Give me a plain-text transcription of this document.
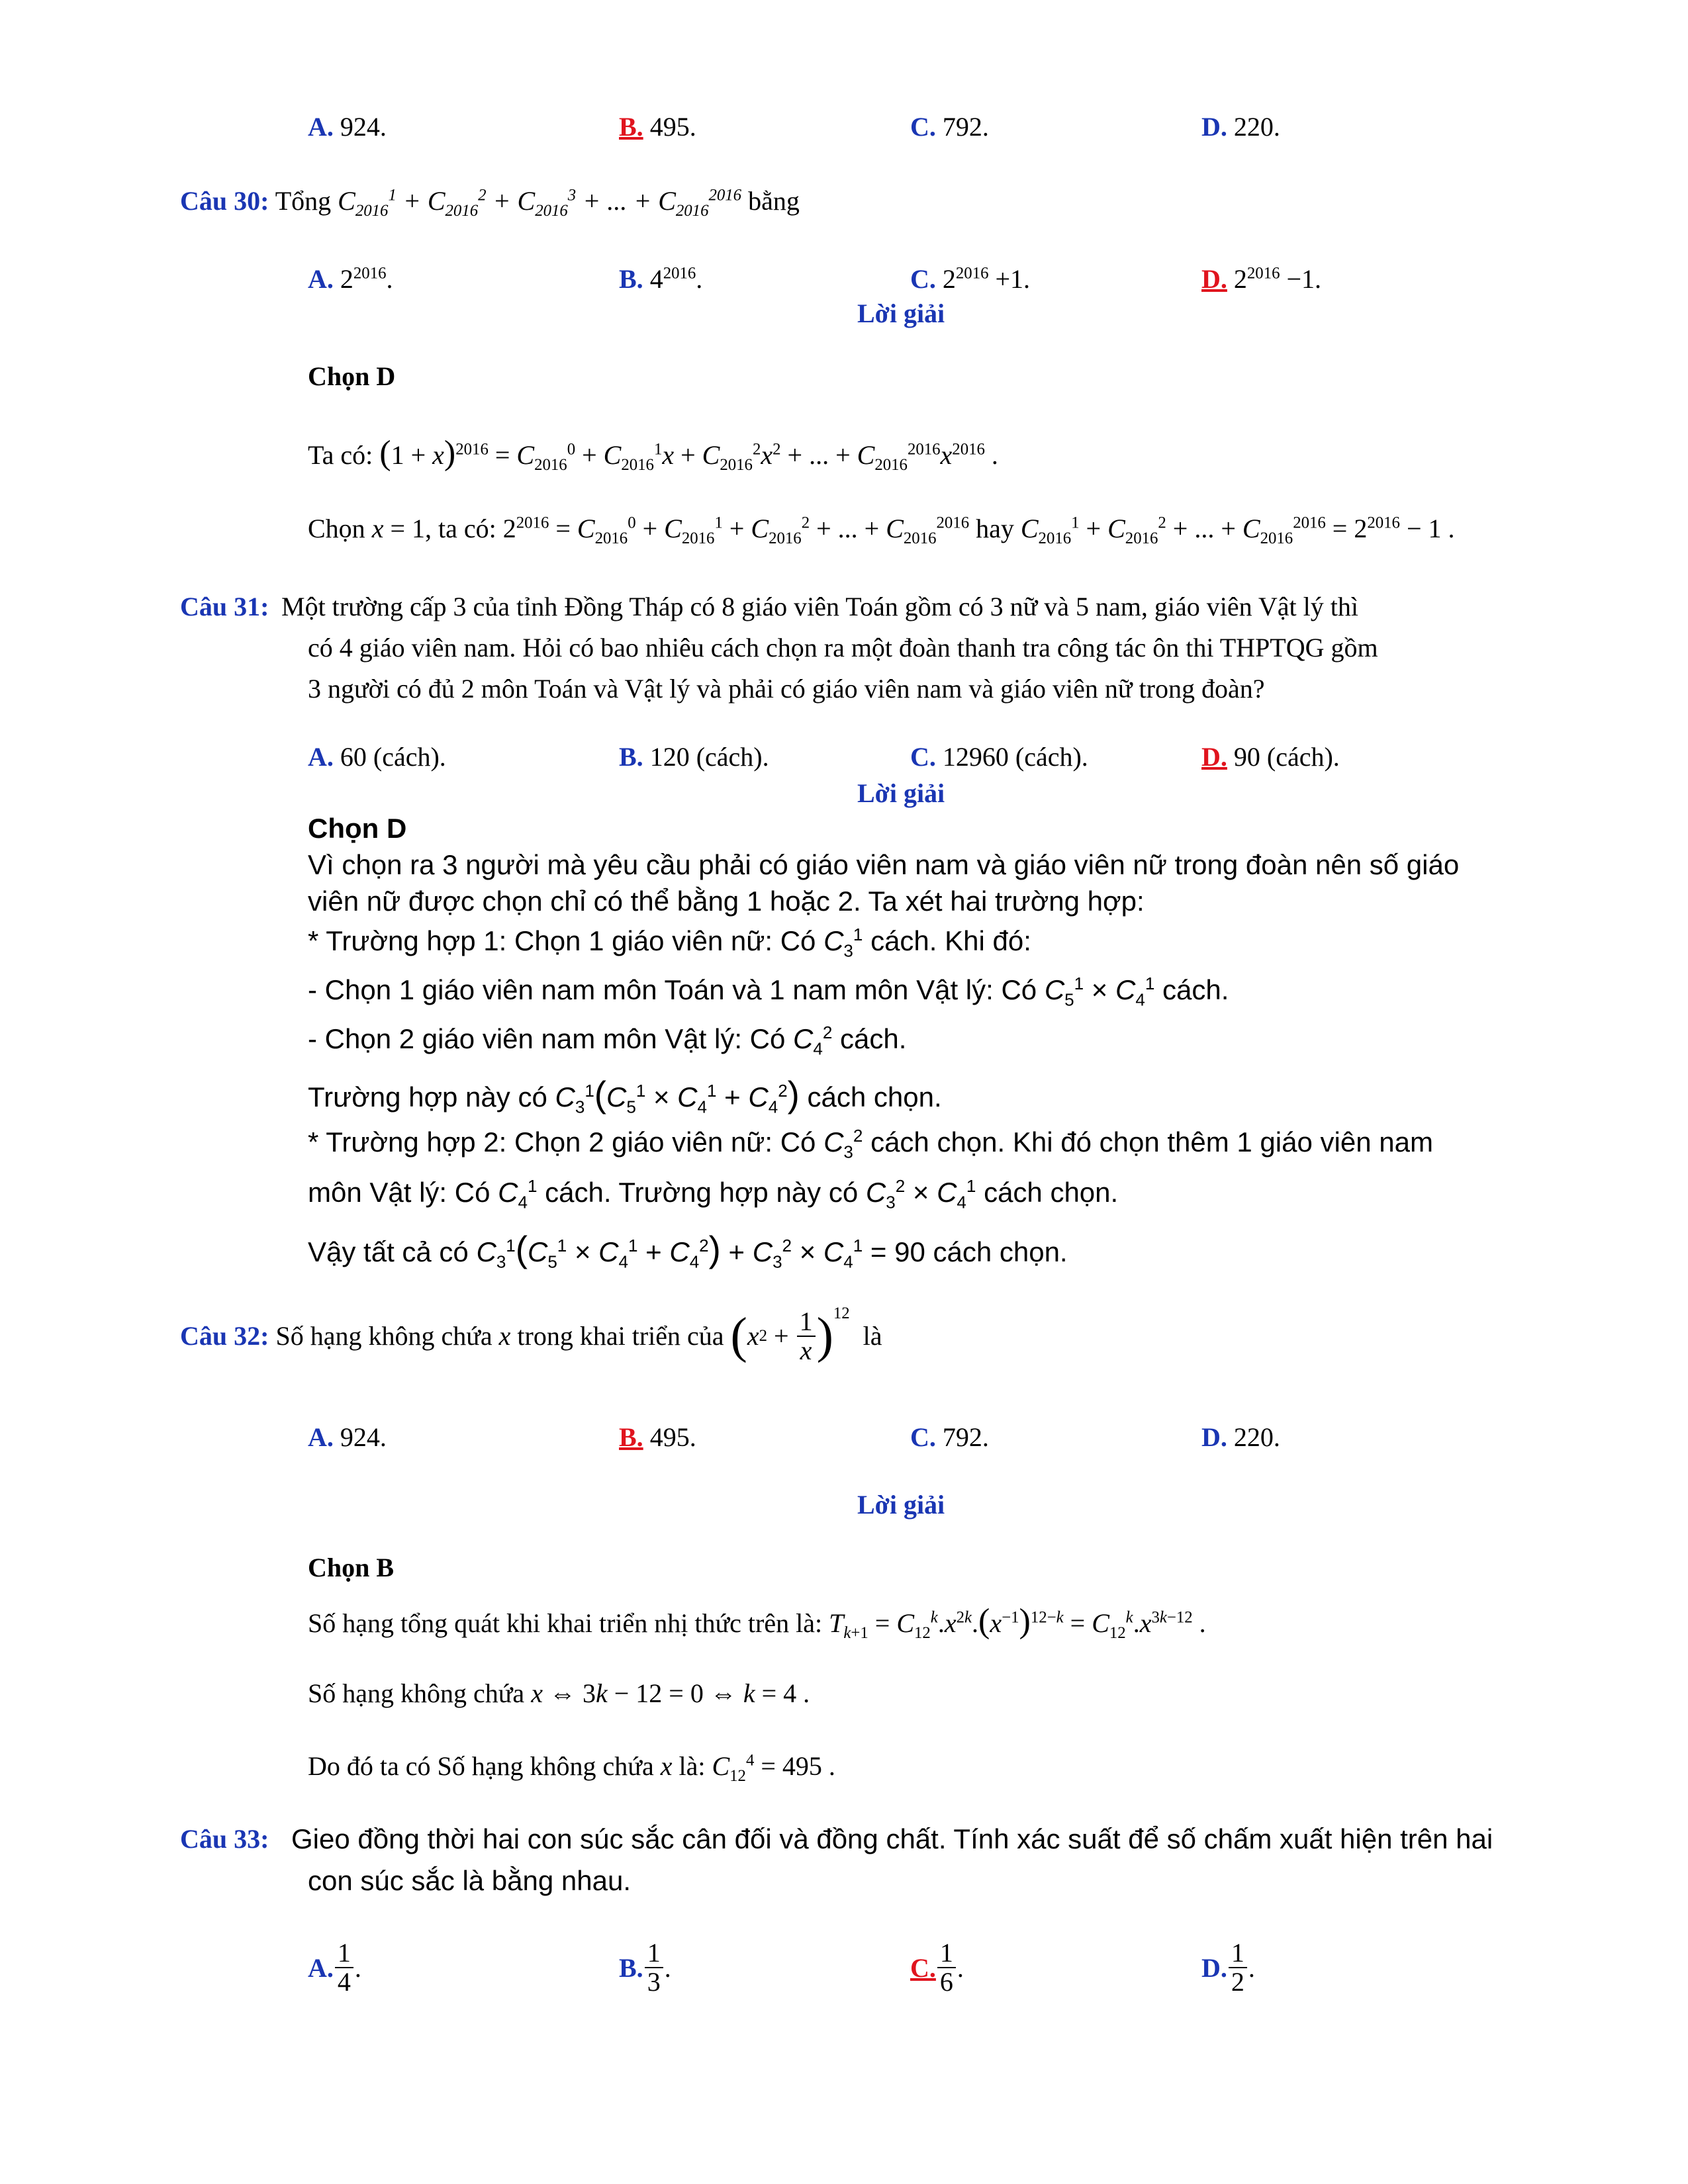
A. 924.	B. 495.	C. 792.	D. 220.
Câu 30: Tổng $C_{2016}^1 + C_{2016}^2 + C_{2016}^3$ + ... + $C_{2016}^{2016}$ bằng
A. $2^{2016}$.	B. $4^{2016}$.	C. $2^{2016} +1$.	D. $2^{2016} -1$.
Lời giải
Chọn D
Ta có: $(1 + x)^{2016} = C_{2016}^0 + C_{2016}^1x + C_{2016}^2x^2$ + ... + $C_{2016}^{2016}x^{2016}$ .
Chọn x = 1, ta có: $2^{2016} = C_{2016}^0 + C_{2016}^1 + C_{2016}^2$ + ... + $C_{2016}^{2016}$ hay $C_{2016}^1 + C_{2016}^2$ + ... + $C_{2016}^{2016} = 2^{2016} - 1$ .
Câu 31: Một trường cấp 3 của tỉnh Đồng Tháp có 8 giáo viên Toán gồm có 3 nữ và 5 nam, giáo viên Vật lý thì
có 4 giáo viên nam. Hỏi có bao nhiêu cách chọn ra một đoàn thanh tra công tác ôn thi THPTQG gồm
3 người có đủ 2 môn Toán và Vật lý và phải có giáo viên nam và giáo viên nữ trong đoàn?
A. 60 (cách).	B. 120 (cách).	C. 12960 (cách).	D. 90 (cách).
Lời giải
Chọn D
Vì chọn ra 3 người mà yêu cầu phải có giáo viên nam và giáo viên nữ trong đoàn nên số giáo
viên nữ được chọn chỉ có thể bằng 1 hoặc 2. Ta xét hai trường hợp:
* Trường hợp 1: Chọn 1 giáo viên nữ: Có $C_3^1$ cách. Khi đó:
- Chọn 1 giáo viên nam môn Toán và 1 nam môn Vật lý: Có $C_5^1 \times C_4^1$ cách.
- Chọn 2 giáo viên nam môn Vật lý: Có $C_4^2$ cách.
Trường hợp này có $C_3^1(C_5^1 \times C_4^1 + C_4^2)$ cách chọn.
* Trường hợp 2: Chọn 2 giáo viên nữ: Có $C_3^2$ cách chọn. Khi đó chọn thêm 1 giáo viên nam
môn Vật lý: Có $C_4^1$ cách. Trường hợp này có $C_3^2 \times C_4^1$ cách chọn.
Vậy tất cả có $C_3^1(C_5^1 \times C_4^1 + C_4^2) + C_3^2 \times C_4^1 = 90$ cách chọn.
Câu 32:
Số hạng không chứa
x
trong khai triển của
( x $2 + \frac{1}{x} )^{12}$

là
A. 924.	B. 495.	C. 792.	D. 220.
Lời giải
Chọn B
Số hạng tổng quát khi khai triển nhị thức trên là: $T_{k+1} = C_{12}^k.x^{2k}.(x^{-1})^{12-k} = C_{12}^k.x^{3k-12}$ .
Số hạng không chứa x ⇔ 3k − 12 = 0 ⇔ k = 4 .
Do đó ta có Số hạng không chứa x là: $C_{12}^4 = 495$ .
Câu 33: Gieo đồng thời hai con súc sắc cân đối và đồng chất. Tính xác suất để số chấm xuất hiện trên hai
con súc sắc là bằng nhau.
A. $\frac{1}{4}$ .	B. $\frac{1}{3}$ .	C. $\frac{1}{6}$ .	D. $\frac{1}{2}$ .
